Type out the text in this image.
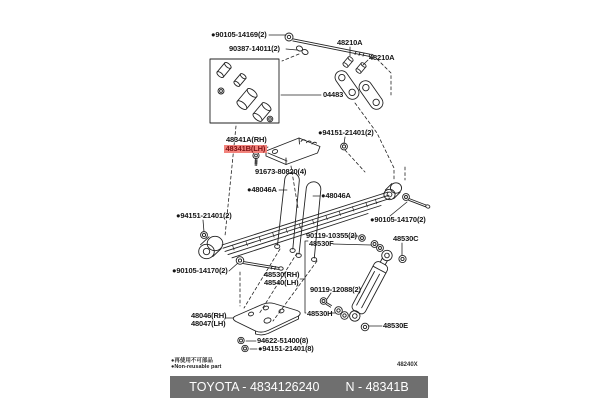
●90105-14169(2)
90387-14011(2)
04483
48210A
48210A
●94151-21401(2)
48341A(RH)
48341B(LH)
91673-80820(4)
●48046A
●48046A
●94151-21401(2)
●90105-14170(2)
●90105-14170(2)
90119-10355(2)
48530F
48530C
48530(RH)
48540(LH)
90119-12088(2)
48530H
48530E
48046(RH)
48047(LH)
94622-51400(8)
●94151-21401(8)
●再使用不可部品
●Non-reusable part	48240X
TOYOTA - 4834126240 N - 48341B
